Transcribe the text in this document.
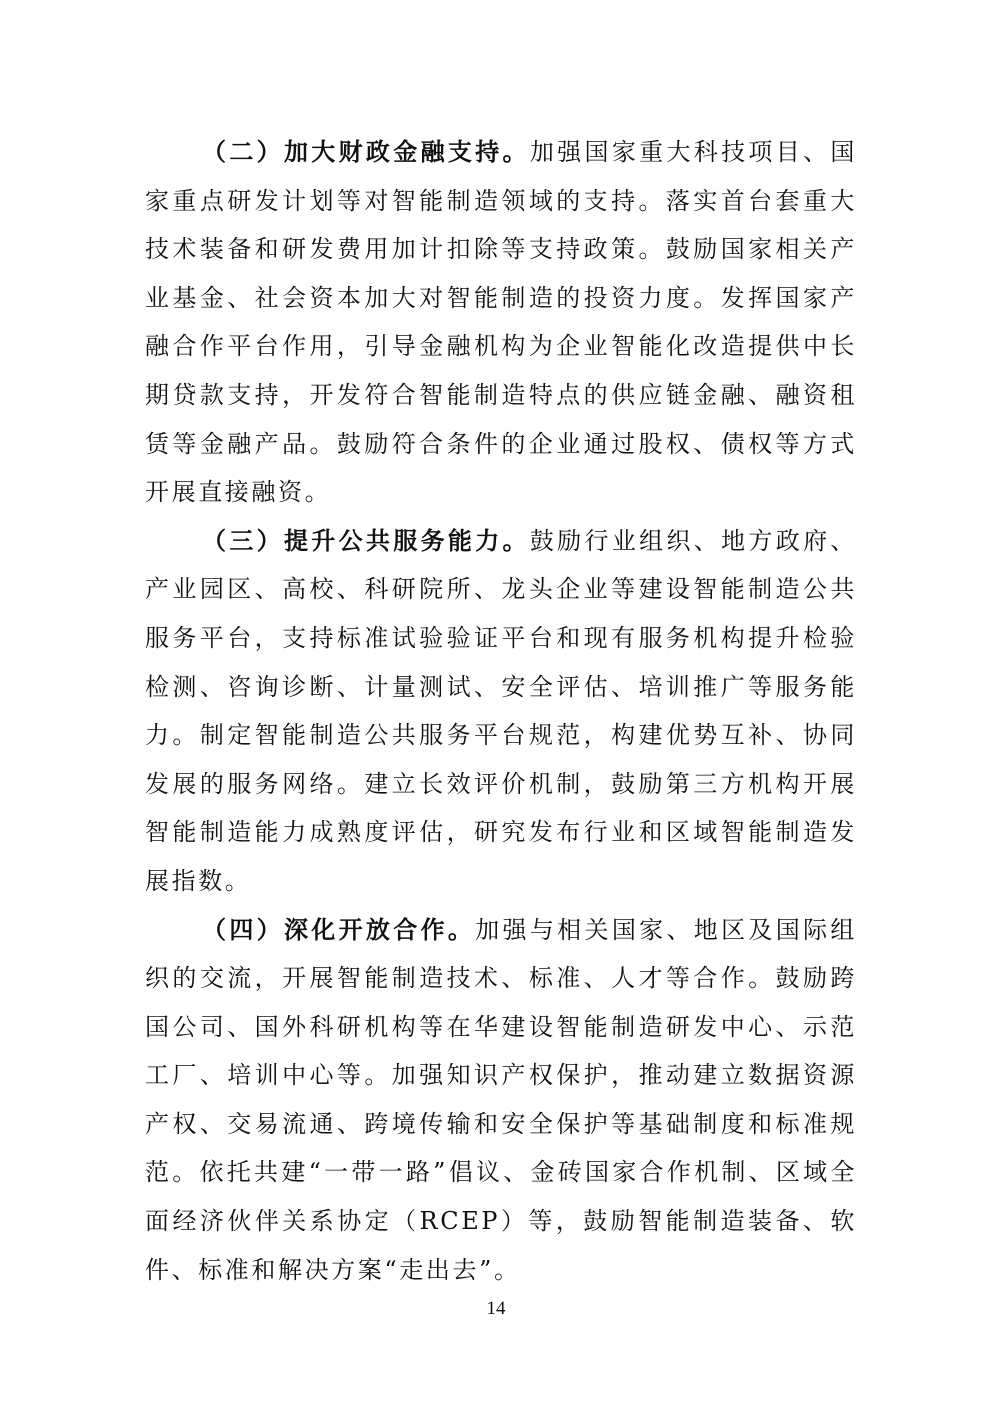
（二）加大财政金融支持。加强国家重大科技项目、国家重点研发计划等对智能制造领域的支持。落实首台套重大技术装备和研发费用加计扣除等支持政策。鼓励国家相关产业基金、社会资本加大对智能制造的投资力度。发挥国家产融合作平台作用，引导金融机构为企业智能化改造提供中长期贷款支持，开发符合智能制造特点的供应链金融、融资租赁等金融产品。鼓励符合条件的企业通过股权、债权等方式开展直接融资。

（三）提升公共服务能力。鼓励行业组织、地方政府、产业园区、高校、科研院所、龙头企业等建设智能制造公共服务平台，支持标准试验验证平台和现有服务机构提升检验检测、咨询诊断、计量测试、安全评估、培训推广等服务能力。制定智能制造公共服务平台规范，构建优势互补、协同发展的服务网络。建立长效评价机制，鼓励第三方机构开展智能制造能力成熟度评估，研究发布行业和区域智能制造发展指数。

（四）深化开放合作。加强与相关国家、地区及国际组织的交流，开展智能制造技术、标准、人才等合作。鼓励跨国公司、国外科研机构等在华建设智能制造研发中心、示范工厂、培训中心等。加强知识产权保护，推动建立数据资源产权、交易流通、跨境传输和安全保护等基础制度和标准规范。依托共建“一带一路”倡议、金砖国家合作机制、区域全面经济伙伴关系协定（RCEP）等，鼓励智能制造装备、软件、标准和解决方案“走出去”。

14
